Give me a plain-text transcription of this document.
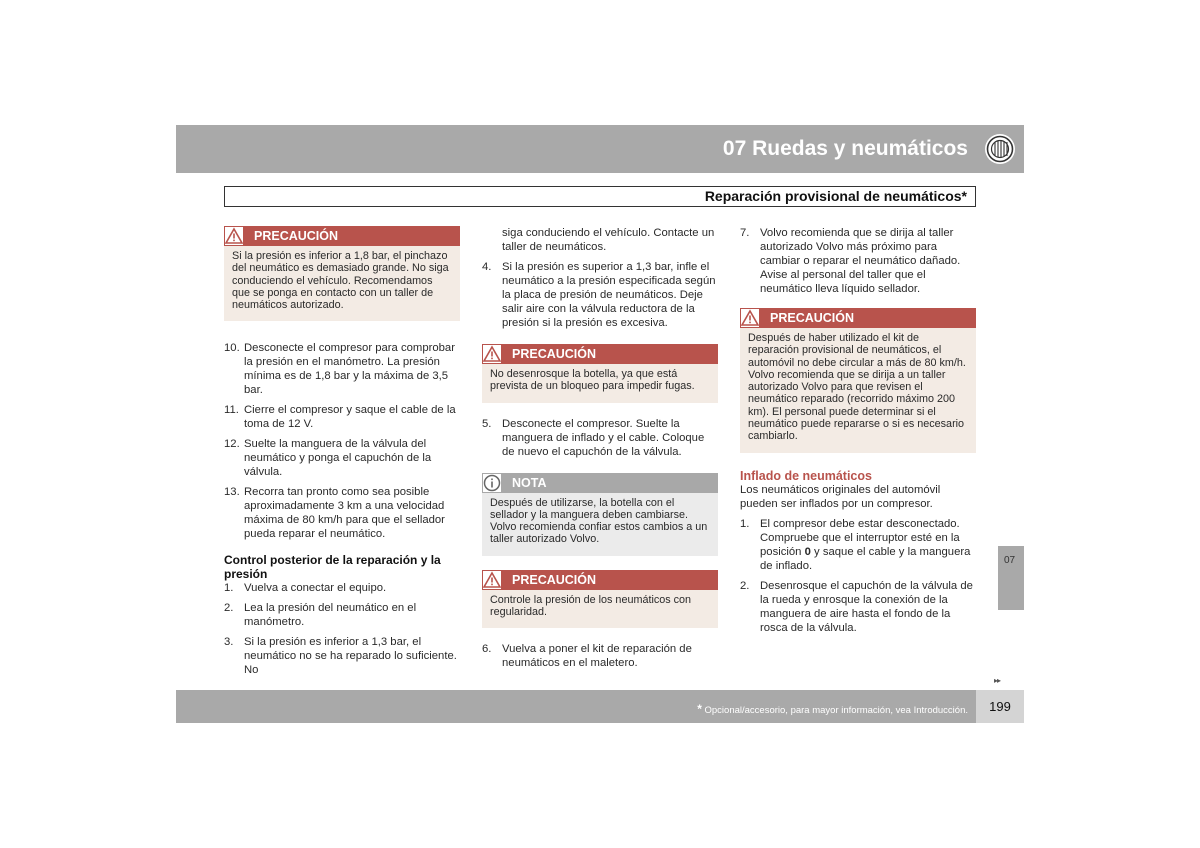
07 Ruedas y neumáticos
Reparación provisional de neumáticos*
PRECAUCIÓN
Si la presión es inferior a 1,8 bar, el pinchazo del neumático es demasiado grande. No siga conduciendo el vehículo. Recomendamos que se ponga en contacto con un taller de neumáticos autorizado.
10. Desconecte el compresor para comprobar la presión en el manómetro. La presión mínima es de 1,8 bar y la máxima de 3,5 bar.
11. Cierre el compresor y saque el cable de la toma de 12 V.
12. Suelte la manguera de la válvula del neumático y ponga el capuchón de la válvula.
13. Recorra tan pronto como sea posible aproximadamente 3 km a una velocidad máxima de 80 km/h para que el sellador pueda reparar el neumático.
Control posterior de la reparación y la presión
1. Vuelva a conectar el equipo.
2. Lea la presión del neumático en el manómetro.
3. Si la presión es inferior a 1,3 bar, el neumático no se ha reparado lo suficiente. No
siga conduciendo el vehículo. Contacte un taller de neumáticos.
4. Si la presión es superior a 1,3 bar, infle el neumático a la presión especificada según la placa de presión de neumáticos. Deje salir aire con la válvula reductora de la presión si la presión es excesiva.
PRECAUCIÓN
No desenrosque la botella, ya que está prevista de un bloqueo para impedir fugas.
5. Desconecte el compresor. Suelte la manguera de inflado y el cable. Coloque de nuevo el capuchón de la válvula.
NOTA
Después de utilizarse, la botella con el sellador y la manguera deben cambiarse. Volvo recomienda confiar estos cambios a un taller autorizado Volvo.
PRECAUCIÓN
Controle la presión de los neumáticos con regularidad.
6. Vuelva a poner el kit de reparación de neumáticos en el maletero.
7. Volvo recomienda que se dirija al taller autorizado Volvo más próximo para cambiar o reparar el neumático dañado. Avise al personal del taller que el neumático lleva líquido sellador.
PRECAUCIÓN
Después de haber utilizado el kit de reparación provisional de neumáticos, el automóvil no debe circular a más de 80 km/h. Volvo recomienda que se dirija a un taller autorizado Volvo para que revisen el neumático reparado (recorrido máximo 200 km). El personal puede determinar si el neumático puede repararse o si es necesario cambiarlo.
Inflado de neumáticos
Los neumáticos originales del automóvil pueden ser inflados por un compresor.
1. El compresor debe estar desconectado. Compruebe que el interruptor esté en la posición 0 y saque el cable y la manguera de inflado.
2. Desenrosque el capuchón de la válvula de la rueda y enrosque la conexión de la manguera de aire hasta el fondo de la rosca de la válvula.
07
▸▸
* Opcional/accesorio, para mayor información, vea Introducción.	199
